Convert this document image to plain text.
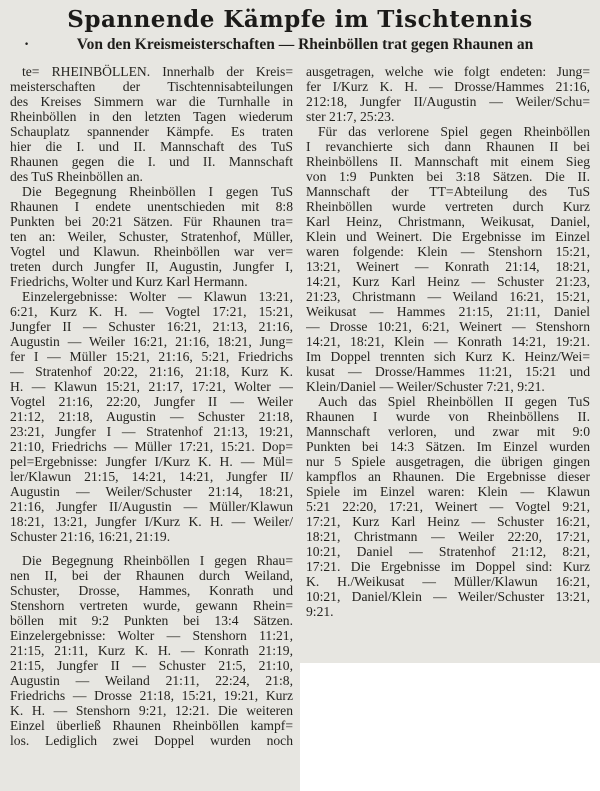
Spannende Kämpfe im Tischtennis
·	Von den Kreismeisterschaften — Rheinböllen trat gegen Rhaunen an
te= RHEINBÖLLEN. Innerhalb der Kreis=
meisterschaften der Tischtennisabteilungen
des Kreises Simmern war die Turnhalle in
Rheinböllen in den letzten Tagen wiederum
Schauplatz spannender Kämpfe. Es traten
hier die I. und II. Mannschaft des TuS
Rhaunen gegen die I. und II. Mannschaft
des TuS Rheinböllen an.
Die Begegnung Rheinböllen I gegen TuS
Rhaunen I endete unentschieden mit 8:8
Punkten bei 20:21 Sätzen. Für Rhaunen tra=
ten an: Weiler, Schuster, Stratenhof, Müller,
Vogtel und Klawun. Rheinböllen war ver=
treten durch Jungfer II, Augustin, Jungfer I,
Friedrichs, Wolter und Kurz Karl Hermann.
Einzelergebnisse: Wolter — Klawun 13:21,
6:21, Kurz K. H. — Vogtel 17:21, 15:21,
Jungfer II — Schuster 16:21, 21:13, 21:16,
Augustin — Weiler 16:21, 21:16, 18:21, Jung=
fer I — Müller 15:21, 21:16, 5:21, Friedrichs
— Stratenhof 20:22, 21:16, 21:18, Kurz K.
H. — Klawun 15:21, 21:17, 17:21, Wolter —
Vogtel 21:16, 22:20, Jungfer II — Weiler
21:12, 21:18, Augustin — Schuster 21:18,
23:21, Jungfer I — Stratenhof 21:13, 19:21,
21:10, Friedrichs — Müller 17:21, 15:21. Dop=
pel=Ergebnisse: Jungfer I/Kurz K. H. — Mül=
ler/Klawun 21:15, 14:21, 14:21, Jungfer II/
Augustin — Weiler/Schuster 21:14, 18:21,
21:16, Jungfer II/Augustin — Müller/Klawun
18:21, 13:21, Jungfer I/Kurz K. H. — Weiler/
Schuster 21:16, 16:21, 21:19.
Die Begegnung Rheinböllen I gegen Rhau=
nen II, bei der Rhaunen durch Weiland,
Schuster, Drosse, Hammes, Konrath und
Stenshorn vertreten wurde, gewann Rhein=
böllen mit 9:2 Punkten bei 13:4 Sätzen.
Einzelergebnisse: Wolter — Stenshorn 11:21,
21:15, 21:11, Kurz K. H. — Konrath 21:19,
21:15, Jungfer II — Schuster 21:5, 21:10,
Augustin — Weiland 21:11, 22:24, 21:8,
Friedrichs — Drosse 21:18, 15:21, 19:21, Kurz
K. H. — Stenshorn 9:21, 12:21. Die weiteren
Einzel überließ Rhaunen Rheinböllen kampf=
los. Lediglich zwei Doppel wurden noch
ausgetragen, welche wie folgt endeten: Jung=
fer I/Kurz K. H. — Drosse/Hammes 21:16,
212:18, Jungfer II/Augustin — Weiler/Schu=
ster 21:7, 25:23.
Für das verlorene Spiel gegen Rheinböllen
I revanchierte sich dann Rhaunen II bei
Rheinböllens II. Mannschaft mit einem Sieg
von 1:9 Punkten bei 3:18 Sätzen. Die II.
Mannschaft der TT=Abteilung des TuS
Rheinböllen wurde vertreten durch Kurz
Karl Heinz, Christmann, Weikusat, Daniel,
Klein und Weinert. Die Ergebnisse im Einzel
waren folgende: Klein — Stenshorn 15:21,
13:21, Weinert — Konrath 21:14, 18:21,
14:21, Kurz Karl Heinz — Schuster 21:23,
21:23, Christmann — Weiland 16:21, 15:21,
Weikusat — Hammes 21:15, 21:11, Daniel
— Drosse 10:21, 6:21, Weinert — Stenshorn
14:21, 18:21, Klein — Konrath 14:21, 19:21.
Im Doppel trennten sich Kurz K. Heinz/Wei=
kusat — Drosse/Hammes 11:21, 15:21 und
Klein/Daniel — Weiler/Schuster 7:21, 9:21.
Auch das Spiel Rheinböllen II gegen TuS
Rhaunen I wurde von Rheinböllens II.
Mannschaft verloren, und zwar mit 9:0
Punkten bei 14:3 Sätzen. Im Einzel wurden
nur 5 Spiele ausgetragen, die übrigen gingen
kampflos an Rhaunen. Die Ergebnisse dieser
Spiele im Einzel waren: Klein — Klawun
5:21 22:20, 17:21, Weinert — Vogtel 9:21,
17:21, Kurz Karl Heinz — Schuster 16:21,
18:21, Christmann — Weiler 22:20, 17:21,
10:21, Daniel — Stratenhof 21:12, 8:21,
17:21. Die Ergebnisse im Doppel sind: Kurz
K. H./Weikusat — Müller/Klawun 16:21,
10:21, Daniel/Klein — Weiler/Schuster 13:21,
9:21.
